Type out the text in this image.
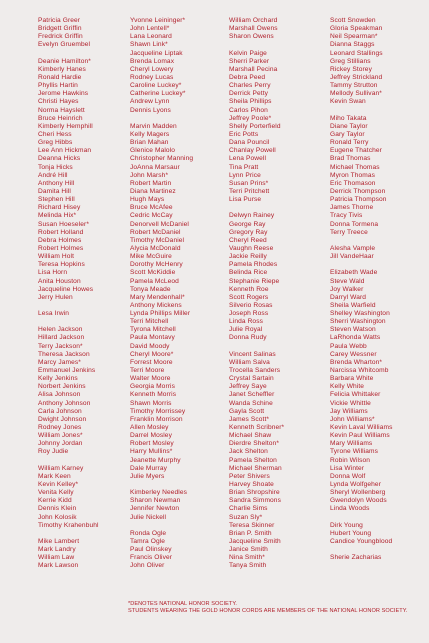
Patricia Greer
Bridgett Griffin
Fredrick Griffin
Evelyn Gruembel
Deanie Hamilton*
Kimberly Hanes
Ronald Hardie
Phyllis Hartin
Jerome Hawkins
Christi Hayes
Norma Hayslett
Bruce Heinrich
Kimberly Hemphill
Cheri Hess
Greg Hibbs
Lee Ann Hickman
Deanna Hicks
Tonja Hicks
André Hill
Anthony Hill
Damita Hill
Stephen Hill
Richard Hisey
Melinda Hix*
Susan Hoeseler*
Robert Holland
Debra Holmes
Robert Holmes
William Holt
Teresa Hopkins
Lisa Horn
Anita Houston
Jacqueline Howes
Jerry Hulen
Lesa Irwin
Helen Jackson
Hillard Jackson
Terry Jackson*
Theresa Jackson
Marcy James*
Emmanuel Jenkins
Kelly Jenkins
Norbert Jenkins
Alisa Johnson
Anthony Johnson
Carla Johnson
Dwight Johnson
Rodney Jones
William Jones*
Johnny Jordan
Roy Judie
William Karney
Mark Keen
Kevin Kelley*
Venita Kelly
Kerrie Kidd
Dennis Klein
John Kolosik
Timothy Krahenbuhl
Mike Lambert
Mark Landry
William Law
Mark Lawson
Yvonne Leininger*
John Lentell*
Lana Leonard
Shawn Link*
Jacqueline Liptak
Brenda Lomax
Cheryl Lowery
Rodney Lucas
Caroline Luckey*
Catherine Luckey*
Andrew Lynn
Dennis Lyons
Marvin Madden
Kelly Magers
Brian Mahan
Glenice Malolo
Christopher Manning
JoAnna Marsaur
John Marsh*
Robert Martin
Diana Martinez
Hugh Mays
Bruce McAfee
Cedric McCay
Denorvell McDaniel
Robert McDaniel
Timothy McDaniel
Alycia McDonald
Mike McGuire
Dorothy McHenry
Scott McKiddie
Pamela McLeod
Tonya Meade
Mary Mendenhall*
Anthony Mickens
Lynda Phillips Miller
Terri Mitchell
Tyrona Mitchell
Paula Montavy
David Moody
Cheryl Moore*
Forrest Moore
Terri Moore
Walter Moore
Georgia Morris
Kenneth Morris
Shawn Morris
Timothy Morrissey
Franklin Morrison
Allen Mosley
Darrel Mosley
Robert Mosley
Harry Mullins*
Jeanette Murphy
Dale Murray
Julie Myers
Kimberley Needles
Sharon Newman
Jennifer Newton
Julie Nickell
Ronda Ogle
Tamra Ogle
Paul Olinskey
Francis Oliver
John Oliver
William Orchard
Marshall Owens
Sharon Owens
Kelvin Paige
Sherri Parker
Marshall Pecina
Debra Peed
Charles Perry
Derrick Petty
Sheila Phillips
Carlos Pihon
Jeffrey Poole*
Shelly Porterfield
Eric Potts
Dana Pouncil
Chanlay Powell
Lena Powell
Tina Pratt
Lynn Price
Susan Prins*
Terri Pritchett
Lisa Purse
Delwyn Rainey
George Ray
Gregory Ray
Cheryl Reed
Vaughn Reese
Jackie Reilly
Pamela Rhodes
Belinda Rice
Stephanie Riepe
Kenneth Roe
Scott Rogers
Silverio Rosas
Joseph Ross
Linda Ross
Julie Royal
Donna Rudy
Vincent Salinas
William Salva
Trocella Sanders
Crystal Sartain
Jeffrey Saye
Janet Scheffler
Wanda Schine
Gayla Scott
James Scott*
Kenneth Scribner*
Michael Shaw
Dierdre Shelton*
Jack Shelton
Pamela Shelton
Michael Sherman
Peter Shivers
Harvey Shoate
Brian Shropshire
Sandra Simmons
Charlie Sims
Suzan Sly*
Teresa Skinner
Brian P. Smith
Jacqueline Smith
Janice Smith
Nina Smith*
Tanya Smith
Scott Snowden
Gloria Speakman
Neil Spearman*
Dianna Staggs
Leonard Stallings
Greg Stillians
Rickey Storey
Jeffrey Strickland
Tammy Strutton
Mellody Sullivan*
Kevin Swan
Miho Takata
Diane Taylor
Gary Taylor
Ronald Terry
Eugene Thatcher
Brad Thomas
Michael Thomas
Myron Thomas
Eric Thomason
Derrick Thompson
Patricia Thompson
James Thorne
Tracy Tivis
Donna Tormena
Terry Treece
Alesha Vample
Jill VandeHaar
Elizabeth Wade
Steve Wald
Joy Walker
Darryl Ward
Sheila Warfield
Shelley Washington
Sherri Washington
Steven Watson
LaRhonda Watts
Paula Webb
Carey Wessner
Brenda Wharton*
Narcissa Whitcomb
Barbara White
Kelly White
Felicia Whittaker
Vickie Whittle
Jay Williams
John Williams*
Kevin Laval Williams
Kevin Paul Williams
Mary Williams
Tyrone Williams
Robin Wilson
Lisa Winter
Donna Wolf
Lynda Wolfgeher
Sheryl Wollenberg
Gwendolyn Woods
Linda Woods
Dirk Young
Hubert Young
Candice Youngblood
Sherie Zacharias
*DENOTES NATIONAL HONOR SOCIETY.
STUDENTS WEARING THE GOLD HONOR CORDS ARE MEMBERS OF THE NATIONAL HONOR SOCIETY.
